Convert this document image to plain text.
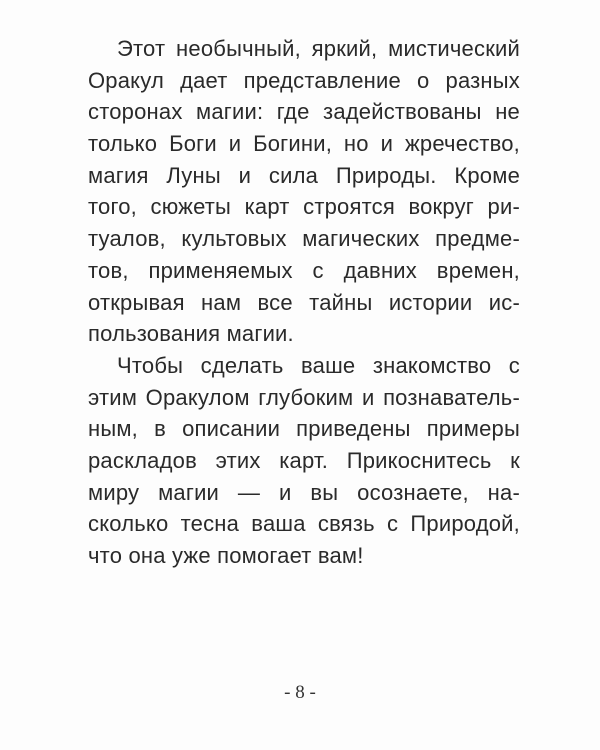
Этот необычный, яркий, мистический
Оракул дает представление о разных
сторонах магии: где задействованы не
только Боги и Богини, но и жречество,
магия Луны и сила Природы. Кроме
того, сюжеты карт строятся вокруг ри-
туалов, культовых магических предме-
тов, применяемых с давних времен,
открывая нам все тайны истории ис-
пользования магии.
Чтобы сделать ваше знакомство с
этим Оракулом глубоким и познаватель-
ным, в описании приведены примеры
раскладов этих карт. Прикоснитесь к
миру магии — и вы осознаете, на-
сколько тесна ваша связь с Природой,
что она уже помогает вам!
- 8 -
